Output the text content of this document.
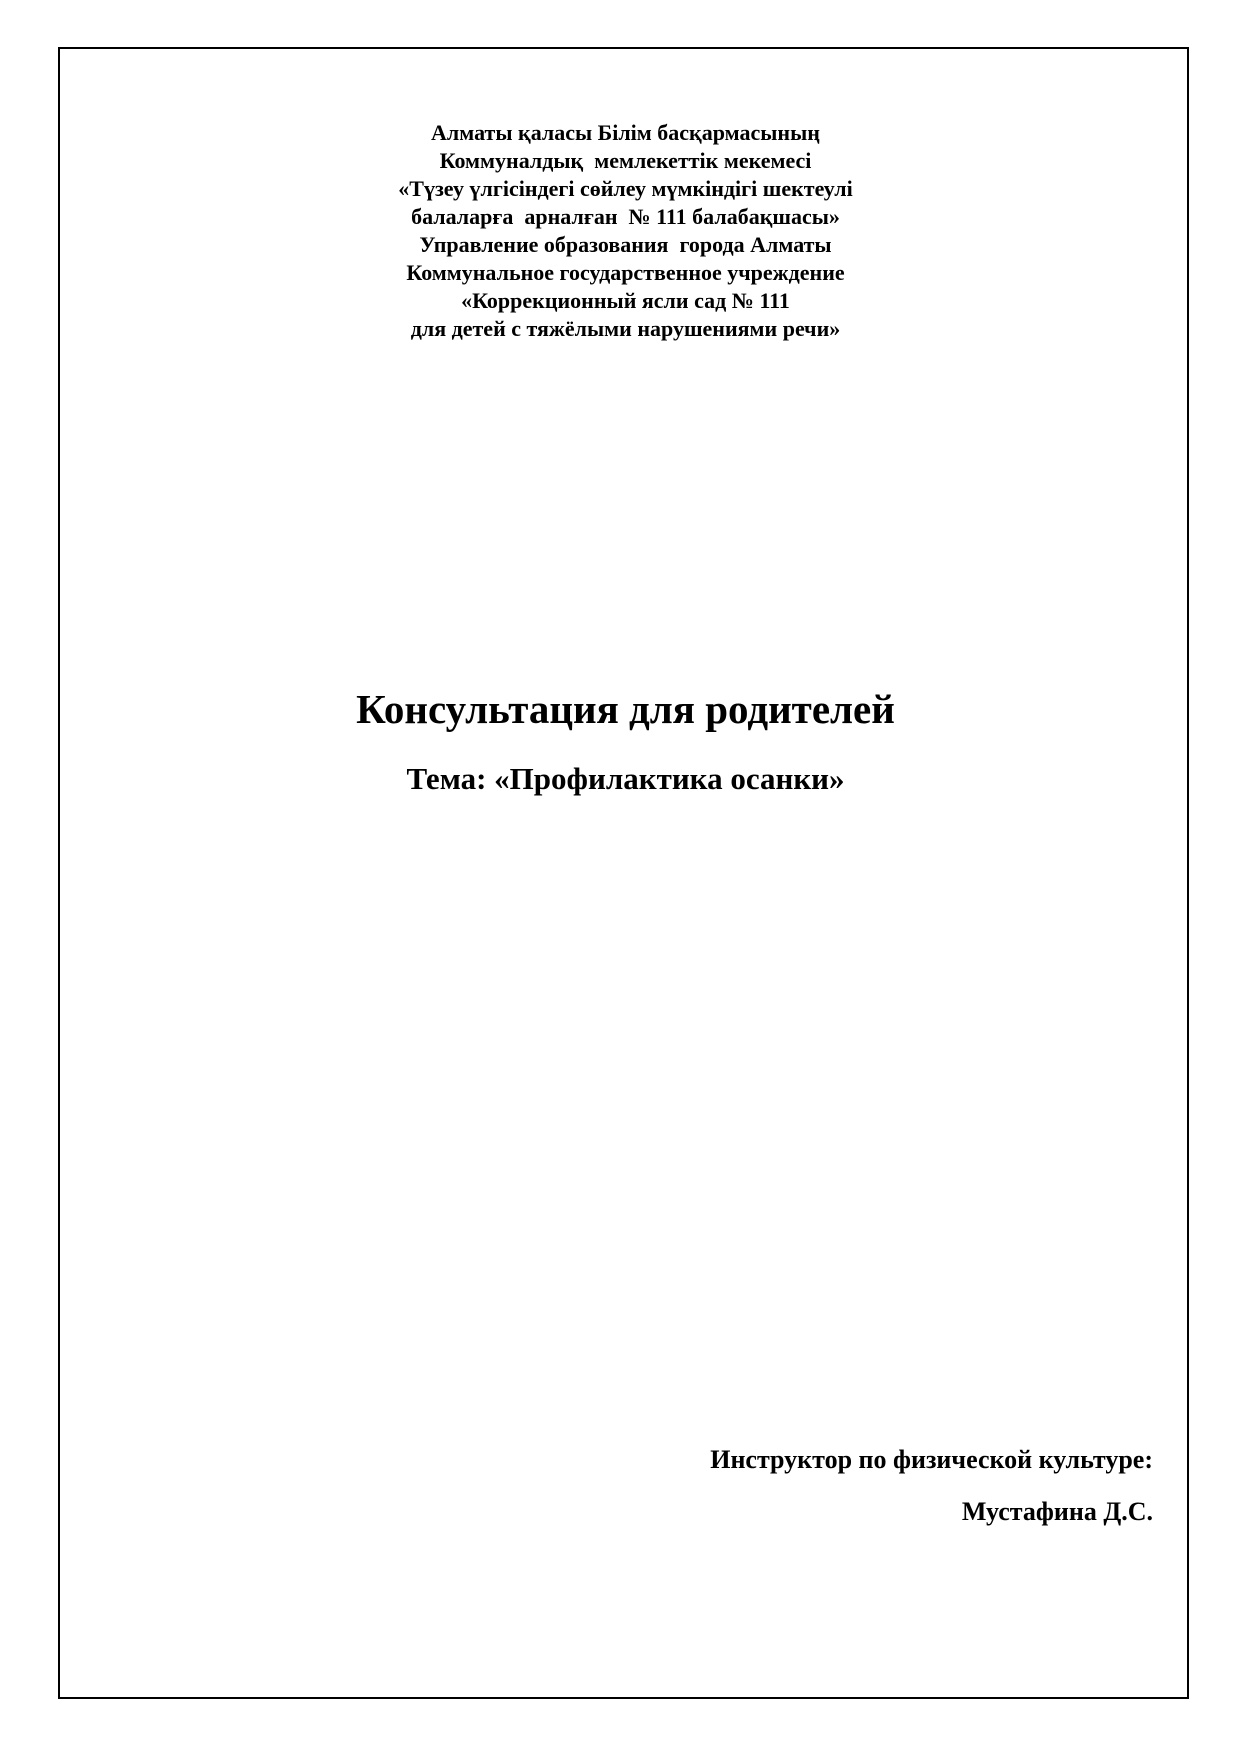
Алматы қаласы Білім басқармасының
Коммуналдық  мемлекеттік мекемесі
«Түзеу үлгісіндегі сөйлеу мүмкіндігі шектеулі
балаларға  арналған  № 111 балабақшасы»
Управление образования  города Алматы
Коммунальное государственное учреждение
«Коррекционный ясли сад № 111
для детей с тяжёлыми нарушениями речи»
Консультация для родителей
Тема: «Профилактика осанки»
Инструктор по физической культуре:
Мустафина Д.С.
